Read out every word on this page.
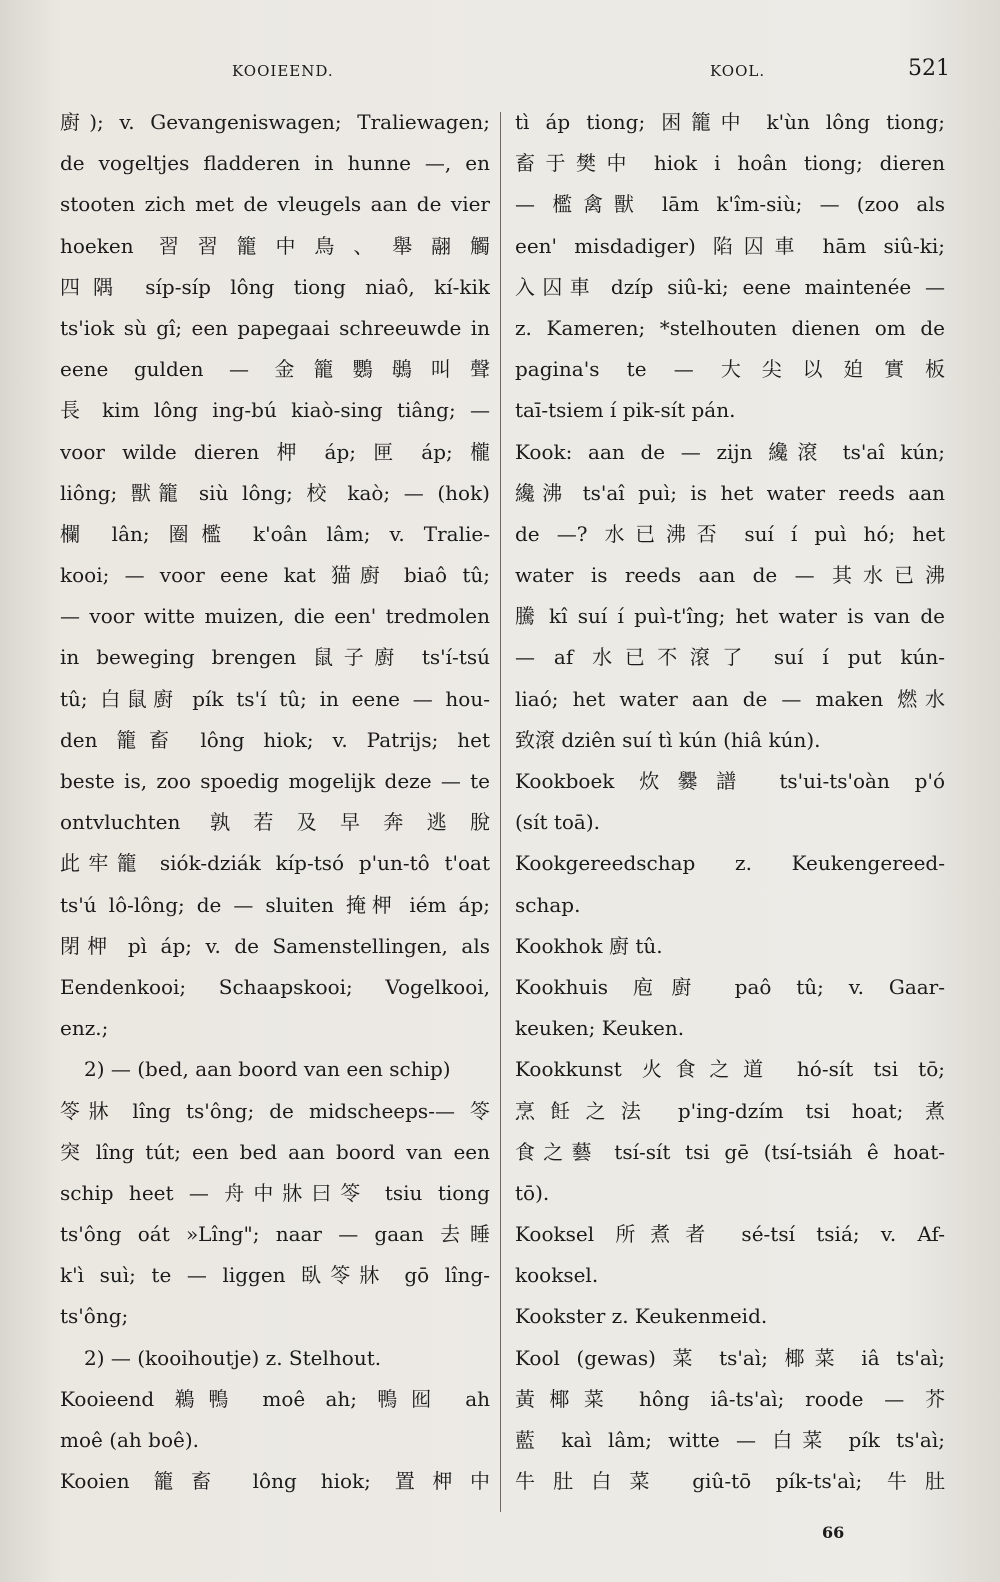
KOOIEEND.	KOOL.	521
廚); v. Gevangeniswagen; Traliewagen;
de vogeltjes fladderen in hunne —, en
stooten zich met de vleugels aan de vier
hoeken 習習籠中鳥、舉翮觸
四隅 síp-síp lông tiong niaô, kí-kik
ts'iok sù gî; een papegaai schreeuwde in
eene gulden — 金籠鸚䳇叫聲
長 kim lông ing-bú kiaò-sing tiâng; —
voor wilde dieren 柙 áp; 匣 áp; 櫳
liông; 獸籠 siù lông; 校 kaò; — (hok)
欄 lân; 圈檻 k'oân lâm; v. Tralie-
kooi; — voor eene kat 猫廚 biaô tû;
— voor witte muizen, die een' tredmolen
in beweging brengen 鼠子廚 ts'í-tsú
tû; 白鼠廚 pík ts'í tû; in eene — hou-
den 籠畜 lông hiok; v. Patrijs; het
beste is, zoo spoedig mogelijk deze — te
ontvluchten 孰若及早奔逃脫
此牢籠 siók-dziák kíp-tsó p'un-tô t'oat
ts'ú lô-lông; de — sluiten 掩柙 iém áp;
閉柙 pì áp; v. de Samenstellingen, als
Eendenkooi; Schaapskooi; Vogelkooi,
enz.;
2) — (bed, aan boord van een schip)
笭牀 lîng ts'ông; de midscheeps-— 笭
突 lîng tút; een bed aan boord van een
schip heet — 舟中牀曰笭 tsiu tiong
ts'ông oát »Lîng"; naar — gaan 去睡
k'ì suì; te — liggen 臥笭牀 gō lîng-
ts'ông;
2) — (kooihoutje) z. Stelhout.
Kooieend 鵜鴨 moê ah; 鴨囮 ah
moê (ah boê).
Kooien 籠畜 lông hiok; 置柙中
tì áp tiong; 困籠中 k'ùn lông tiong;
畜于樊中 hiok i hoân tiong; dieren
— 檻禽獸 lām k'îm-siù; — (zoo als
een' misdadiger) 陷囚車 hām siû-ki;
入囚車 dzíp siû-ki; eene maintenée —
z. Kameren; *stelhouten dienen om de
pagina's te — 大尖以廹實板
taī-tsiem í pik-sít pán.
Kook: aan de — zijn 纔滾 ts'aî kún;
纔沸 ts'aî puì; is het water reeds aan
de —? 水已沸否 suí í puì hó; het
water is reeds aan de — 其水已沸
騰 kî suí í puì-t'îng; het water is van de
— af 水已不滾了 suí í put kún-
liaó; het water aan de — maken 燃水
致滾 dziên suí tì kún (hiâ kún).
Kookboek 炊爨譜 ts'ui-ts'oàn p'ó
(sít toā).
Kookgereedschap z. Keukengereed-
schap.
Kookhok 廚 tû.
Kookhuis 庖廚 paô tû; v. Gaar-
keuken; Keuken.
Kookkunst 火食之道 hó-sít tsi tō;
烹飪之法 p'ing-dzím tsi hoat; 煮
食之藝 tsí-sít tsi gē (tsí-tsiáh ê hoat-
tō).
Kooksel 所煮者 sé-tsí tsiá; v. Af-
kooksel.
Kookster z. Keukenmeid.
Kool (gewas) 菜 ts'aì; 椰菜 iâ ts'aì;
黃椰菜 hông iâ-ts'aì; roode — 芥
藍 kaì lâm; witte — 白菜 pík ts'aì;
牛肚白菜 giû-tō pík-ts'aì; 牛肚
66
